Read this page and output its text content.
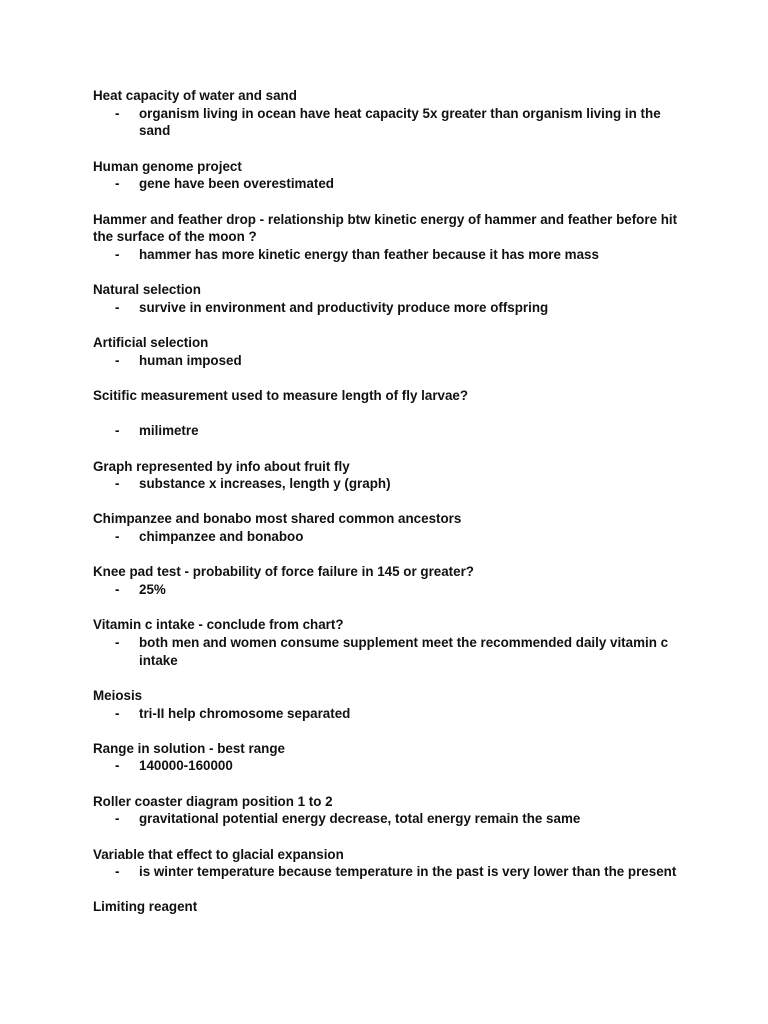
Heat capacity of water and sand
- organism living in ocean have heat capacity 5x greater than organism living in the sand
Human genome project
- gene have been overestimated
Hammer and feather drop - relationship btw kinetic energy of hammer and feather before hit the surface of the moon ?
- hammer has more kinetic energy than feather because it has more mass
Natural selection
- survive in environment and productivity produce more offspring
Artificial selection
- human imposed
Scitific measurement used to measure length of fly larvae?
- milimetre
Graph represented by info about fruit fly
- substance x increases, length y (graph)
Chimpanzee and bonabo most shared common ancestors
- chimpanzee and bonaboo
Knee pad test - probability of force failure in 145 or greater?
- 25%
Vitamin c intake - conclude from chart?
- both men and women consume supplement meet the recommended daily vitamin c intake
Meiosis
- tri-II help chromosome separated
Range in solution - best range
- 140000-160000
Roller coaster diagram position 1 to 2
- gravitational potential energy decrease, total energy remain the same
Variable that effect to glacial expansion
- is winter temperature because temperature in the past is very lower than the present
Limiting reagent
